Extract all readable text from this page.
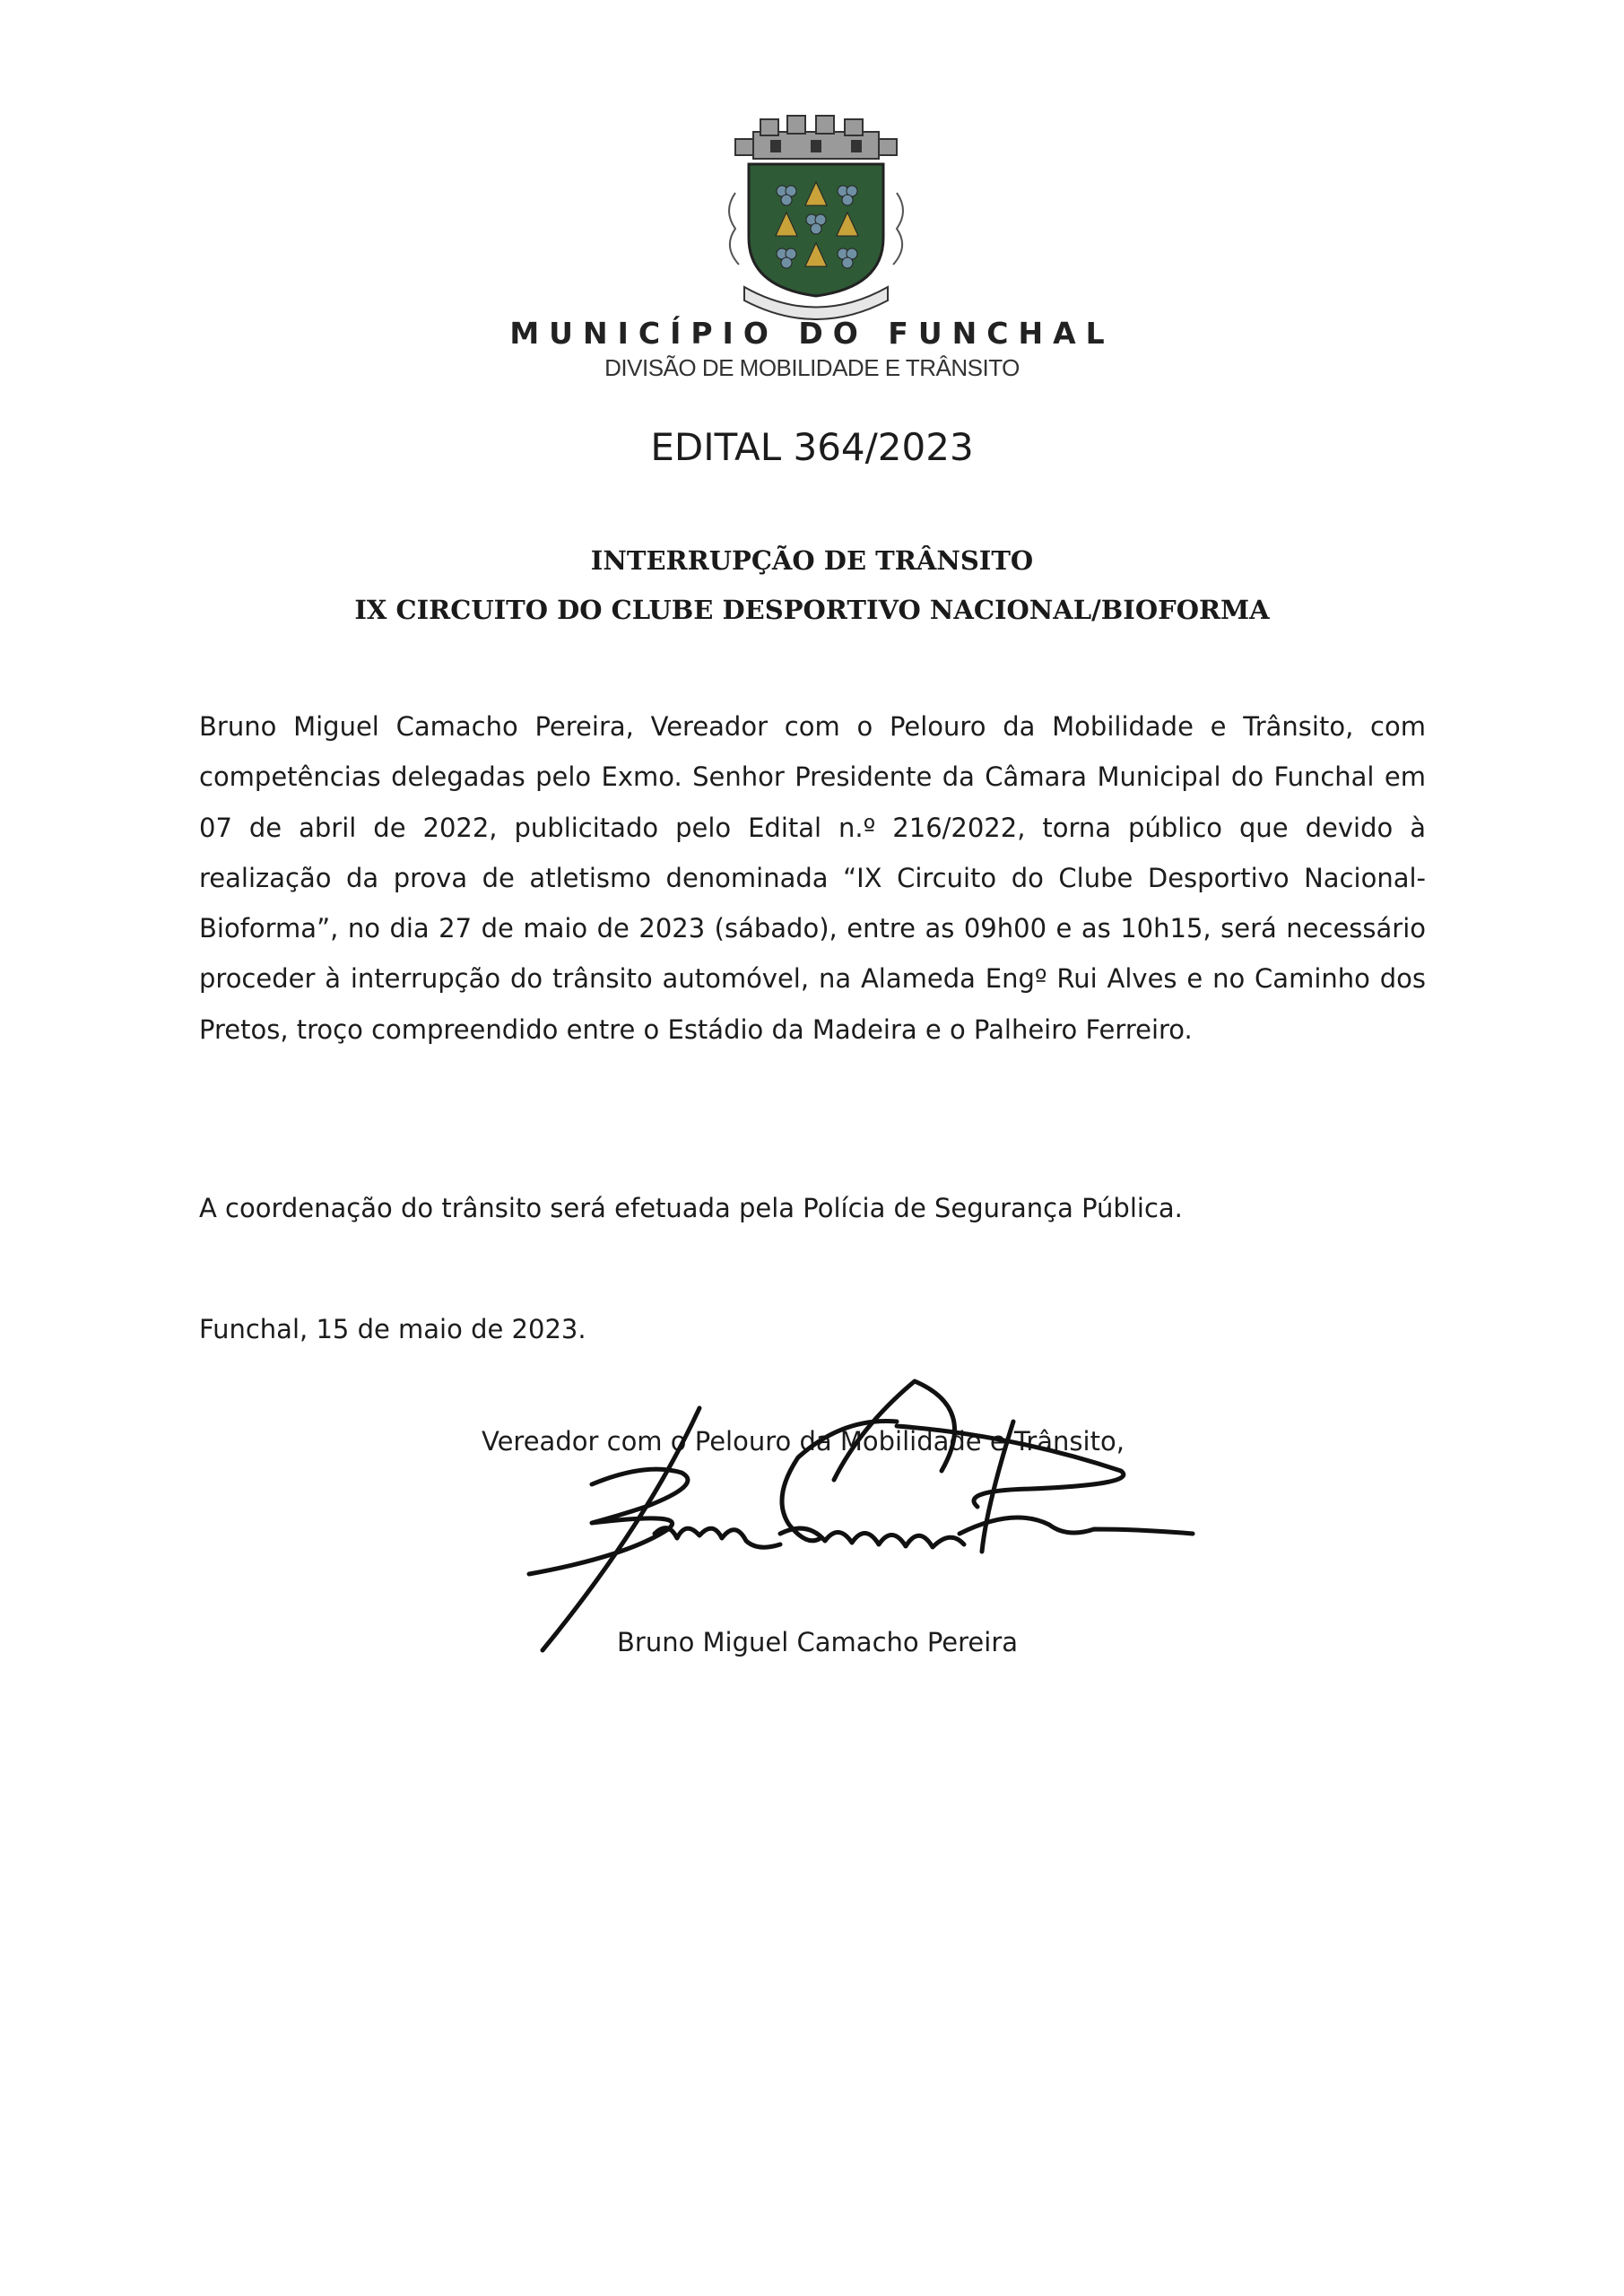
MUNICÍPIO DO FUNCHAL
DIVISÃO DE MOBILIDADE E TRÂNSITO
EDITAL 364/2023
INTERRUPÇÃO DE TRÂNSITO
IX CIRCUITO DO CLUBE DESPORTIVO NACIONAL/BIOFORMA

Bruno Miguel Camacho Pereira, Vereador com o Pelouro da Mobilidade e Trânsito, com competências delegadas pelo Exmo. Senhor Presidente da Câmara Municipal do Funchal em 07 de abril de 2022, publicitado pelo Edital n.º 216/2022, torna público que devido à realização da prova de atletismo denominada “IX Circuito do Clube Desportivo Nacional-Bioforma”, no dia 27 de maio de 2023 (sábado), entre as 09h00 e as 10h15, será necessário proceder à interrupção do trânsito automóvel, na Alameda Engº Rui Alves e no Caminho dos Pretos, troço compreendido entre o Estádio da Madeira e o Palheiro Ferreiro.

A coordenação do trânsito será efetuada pela Polícia de Segurança Pública.

Funchal, 15 de maio de 2023.

Vereador com o Pelouro da Mobilidade e Trânsito,

Bruno Miguel Camacho Pereira
